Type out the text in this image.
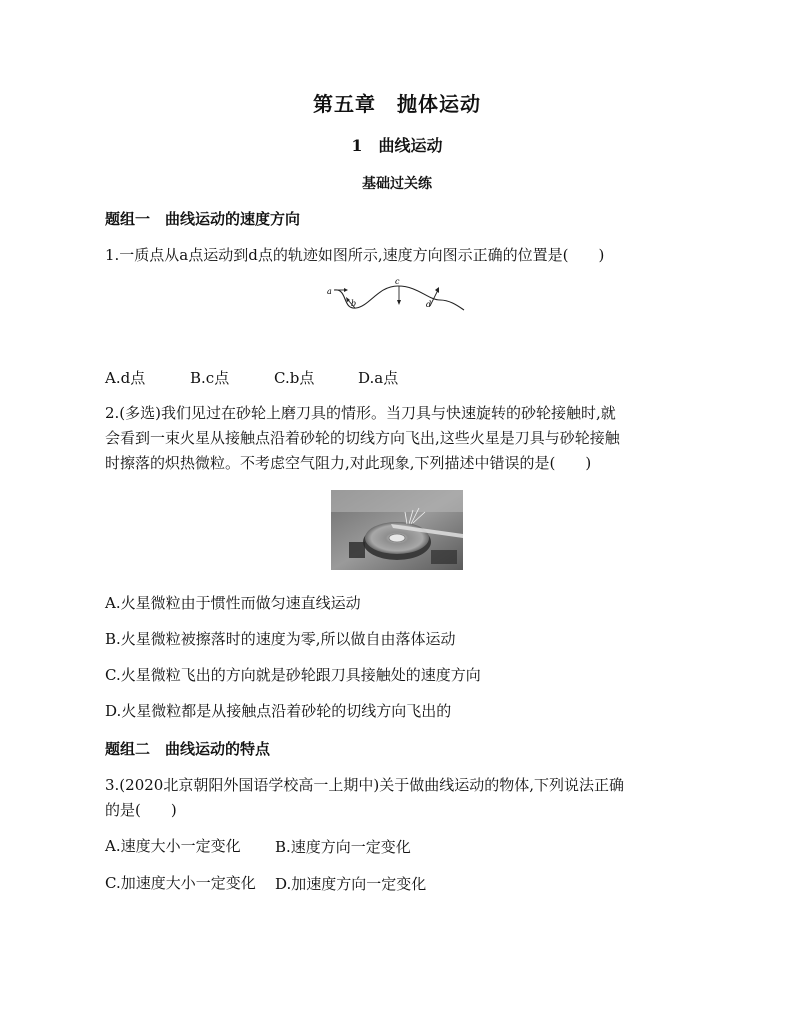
第五章　抛体运动
1　曲线运动
基础过关练
题组一　曲线运动的速度方向
1.一质点从a点运动到d点的轨迹如图所示,速度方向图示正确的位置是(　　)
a
b
c
d
A.d点	B.c点	C.b点	D.a点
2.(多选)我们见过在砂轮上磨刀具的情形。当刀具与快速旋转的砂轮接触时,就
会看到一束火星从接触点沿着砂轮的切线方向飞出,这些火星是刀具与砂轮接触
时擦落的炽热微粒。不考虑空气阻力,对此现象,下列描述中错误的是(　　)
A.火星微粒由于惯性而做匀速直线运动
B.火星微粒被擦落时的速度为零,所以做自由落体运动
C.火星微粒飞出的方向就是砂轮跟刀具接触处的速度方向
D.火星微粒都是从接触点沿着砂轮的切线方向飞出的
题组二　曲线运动的特点
3.(2020北京朝阳外国语学校高一上期中)关于做曲线运动的物体,下列说法正确
的是(　　)
A.速度大小一定变化 B.速度方向一定变化
C.加速度大小一定变化 D.加速度方向一定变化
